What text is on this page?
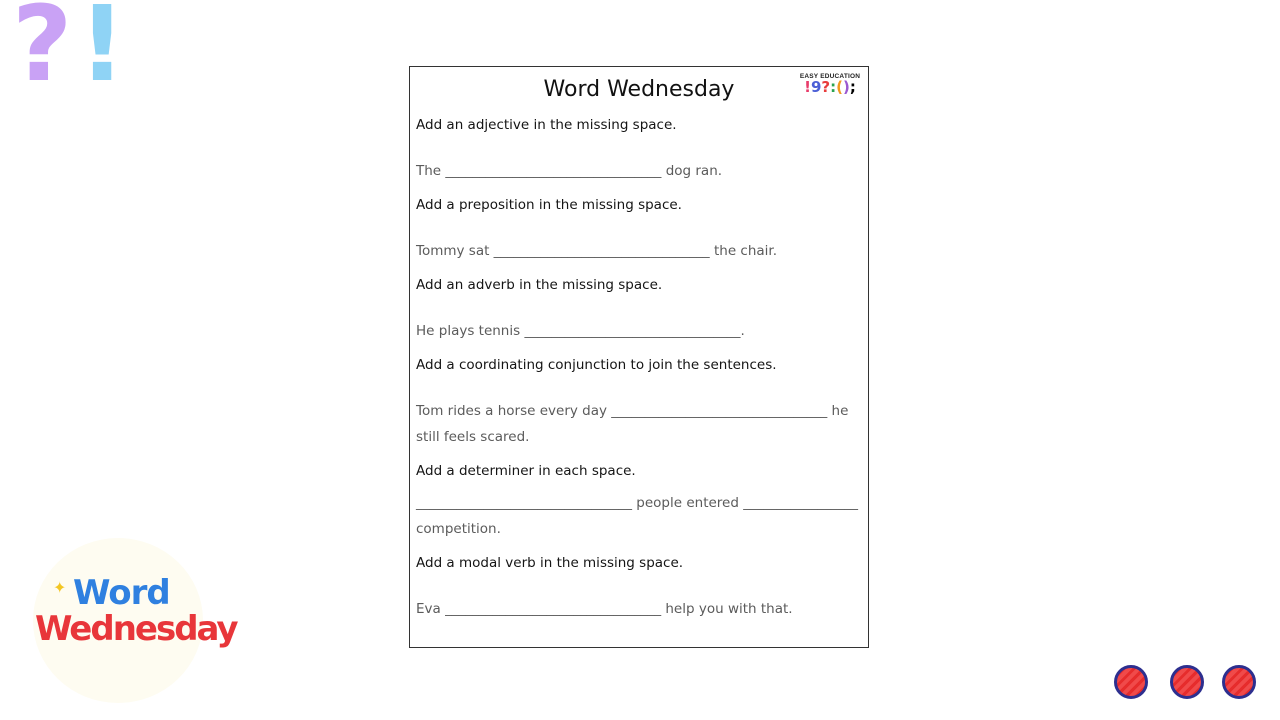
?!	Word Wednesday
EASY EDUCATION
!9?:();
Add an adjective in the missing space.
The ________________________________ dog ran.
Add a preposition in the missing space.
Tommy sat ________________________________ the chair.
Add an adverb in the missing space.
He plays tennis ________________________________.
Add a coordinating conjunction to join the sentences.
Tom rides a horse every day ________________________________ he still feels scared.
Add a determiner in each space.
________________________________ people entered _________________ competition.
Add a modal verb in the missing space.
Eva ________________________________ help you with that.
✦ Word
Wednesday
